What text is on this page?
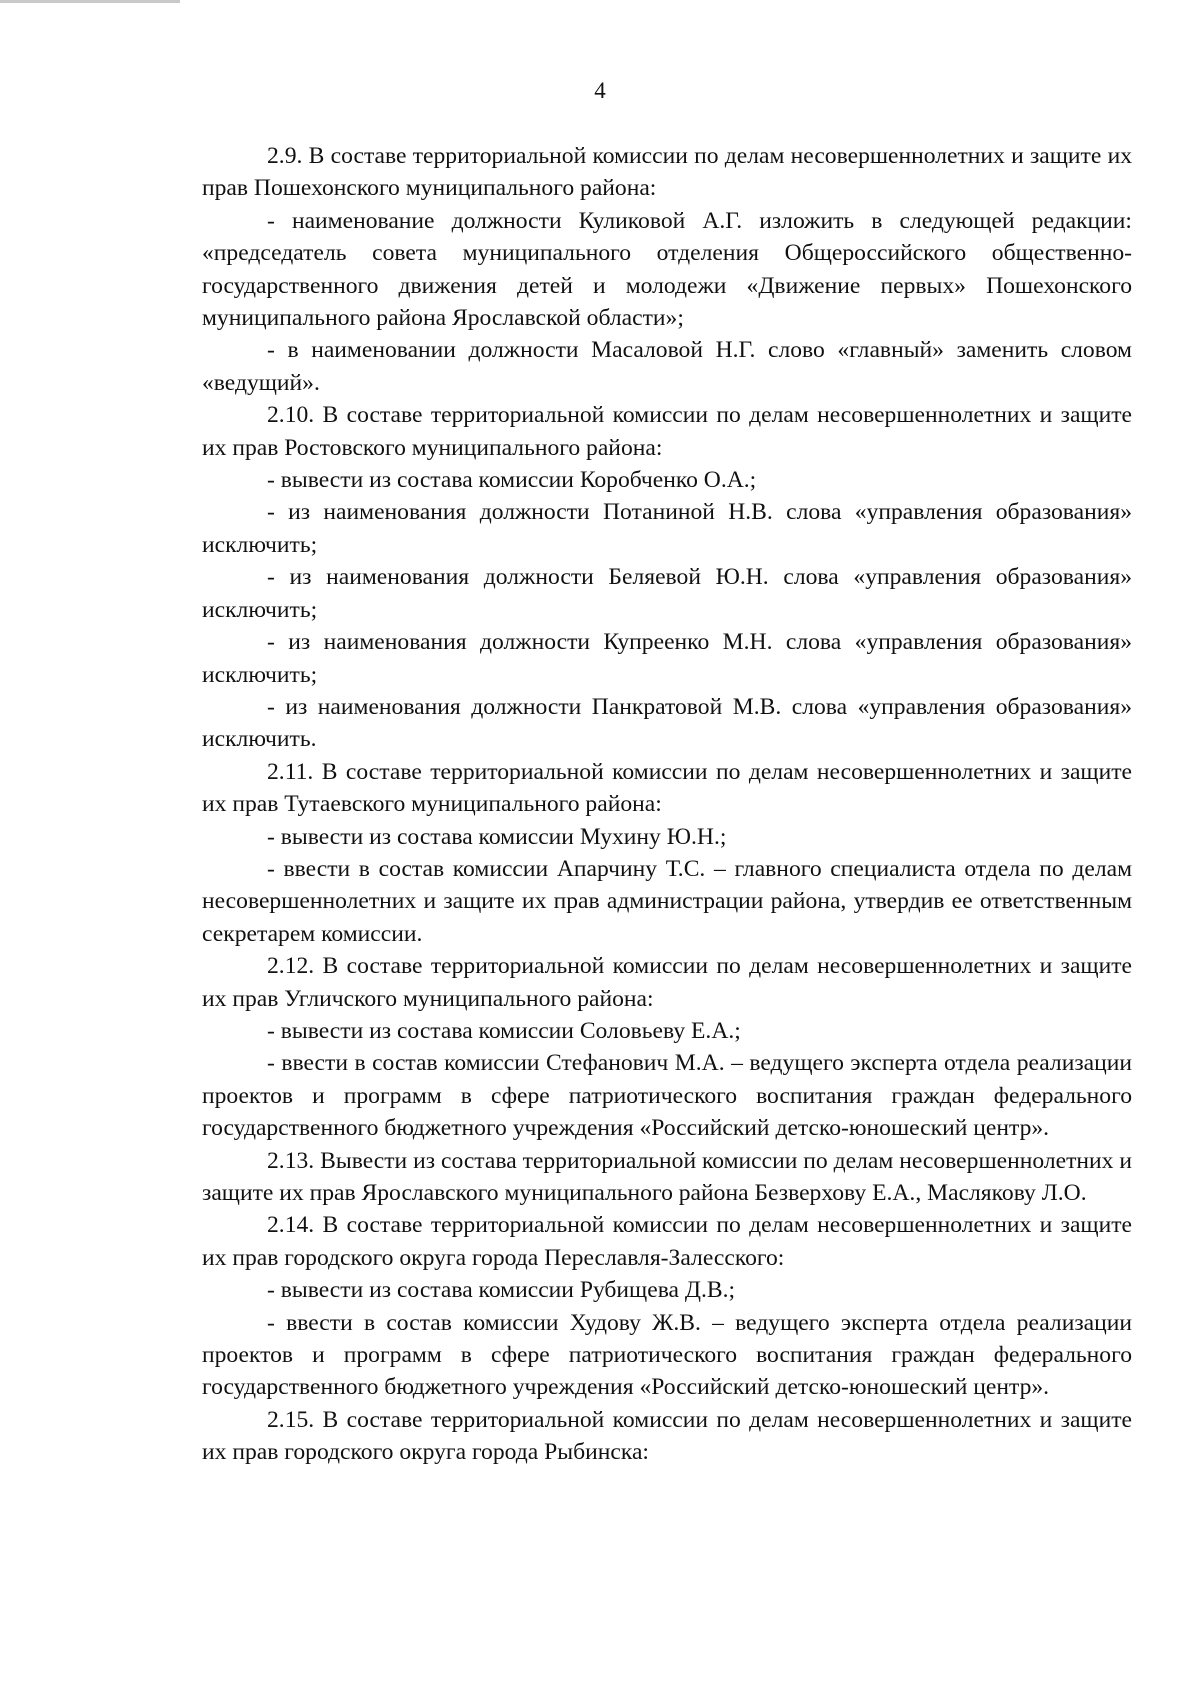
4

2.9. В составе территориальной комиссии по делам несовершеннолетних и защите их прав Пошехонского муниципального района:

- наименование должности Куликовой А.Г. изложить в следующей редакции: «председатель совета муниципального отделения Общероссийского общественно-государственного движения детей и молодежи «Движение первых» Пошехонского муниципального района Ярославской области»;

- в наименовании должности Масаловой Н.Г. слово «главный» заменить словом «ведущий».

2.10. В составе территориальной комиссии по делам несовершеннолетних и защите их прав Ростовского муниципального района:

- вывести из состава комиссии Коробченко О.А.;

- из наименования должности Потаниной Н.В. слова «управления образования» исключить;

- из наименования должности Беляевой Ю.Н. слова «управления образования» исключить;

- из наименования должности Купреенко М.Н. слова «управления образования» исключить;

- из наименования должности Панкратовой М.В. слова «управления образования» исключить.

2.11. В составе территориальной комиссии по делам несовершеннолетних и защите их прав Тутаевского муниципального района:

- вывести из состава комиссии Мухину Ю.Н.;

- ввести в состав комиссии Апарчину Т.С. – главного специалиста отдела по делам несовершеннолетних и защите их прав администрации района, утвердив ее ответственным секретарем комиссии.

2.12. В составе территориальной комиссии по делам несовершеннолетних и защите их прав Угличского муниципального района:

- вывести из состава комиссии Соловьеву Е.А.;

- ввести в состав комиссии Стефанович М.А. – ведущего эксперта отдела реализации проектов и программ в сфере патриотического воспитания граждан федерального государственного бюджетного учреждения «Российский детско-юношеский центр».

2.13. Вывести из состава территориальной комиссии по делам несовершеннолетних и защите их прав Ярославского муниципального района Безверхову Е.А., Маслякову Л.О.

2.14. В составе территориальной комиссии по делам несовершеннолетних и защите их прав городского округа города Переславля-Залесского:

- вывести из состава комиссии Рубищева Д.В.;

- ввести в состав комиссии Худову Ж.В. – ведущего эксперта отдела реализации проектов и программ в сфере патриотического воспитания граждан федерального государственного бюджетного учреждения «Российский детско-юношеский центр».

2.15. В составе территориальной комиссии по делам несовершеннолетних и защите их прав городского округа города Рыбинска:
